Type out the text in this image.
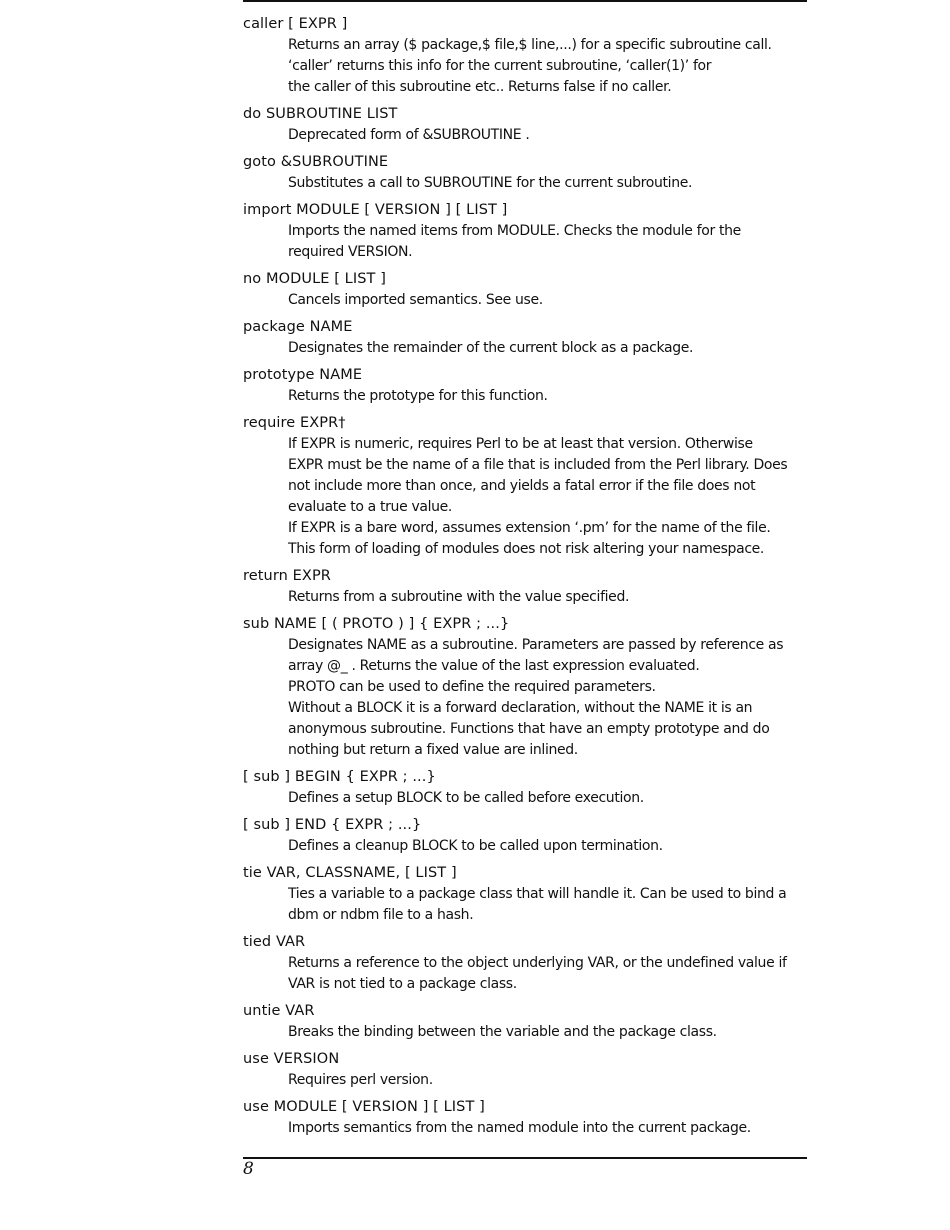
caller [ EXPR ]
Returns an array ($ package,$ file,$ line,...) for a specific subroutine call.
‘caller’ returns this info for the current subroutine, ‘caller(1)’ for
the caller of this subroutine etc.. Returns false if no caller.
do SUBROUTINE LIST
Deprecated form of &SUBROUTINE .
goto &SUBROUTINE
Substitutes a call to SUBROUTINE for the current subroutine.
import MODULE [ VERSION ] [ LIST ]
Imports the named items from MODULE. Checks the module for the
required VERSION.
no MODULE [ LIST ]
Cancels imported semantics. See use.
package NAME
Designates the remainder of the current block as a package.
prototype NAME
Returns the prototype for this function.
require EXPR†
If EXPR is numeric, requires Perl to be at least that version. Otherwise
EXPR must be the name of a file that is included from the Perl library. Does
not include more than once, and yields a fatal error if the file does not
evaluate to a true value.
If EXPR is a bare word, assumes extension ‘.pm’ for the name of the file.
This form of loading of modules does not risk altering your namespace.
return EXPR
Returns from a subroutine with the value specified.
sub NAME [ ( PROTO ) ] { EXPR ; ...}
Designates NAME as a subroutine. Parameters are passed by reference as
array @_ . Returns the value of the last expression evaluated.
PROTO can be used to define the required parameters.
Without a BLOCK it is a forward declaration, without the NAME it is an
anonymous subroutine. Functions that have an empty prototype and do
nothing but return a fixed value are inlined.
[ sub ] BEGIN { EXPR ; ...}
Defines a setup BLOCK to be called before execution.
[ sub ] END { EXPR ; ...}
Defines a cleanup BLOCK to be called upon termination.
tie VAR, CLASSNAME, [ LIST ]
Ties a variable to a package class that will handle it. Can be used to bind a
dbm or ndbm file to a hash.
tied VAR
Returns a reference to the object underlying VAR, or the undefined value if
VAR is not tied to a package class.
untie VAR
Breaks the binding between the variable and the package class.
use VERSION
Requires perl version.
use MODULE [ VERSION ] [ LIST ]
Imports semantics from the named module into the current package.
8
